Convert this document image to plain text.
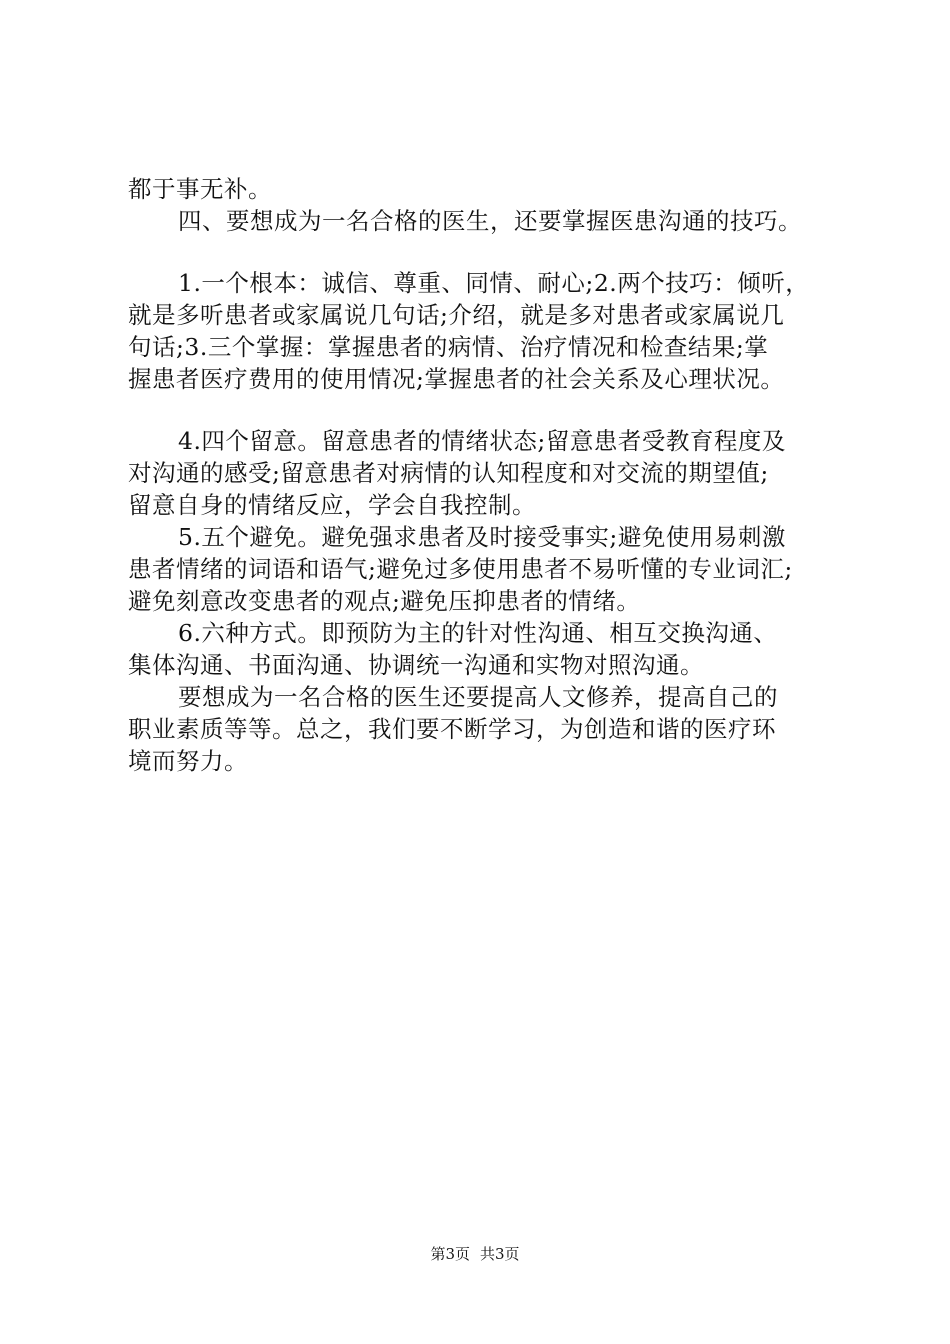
都于事无补。
四、要想成为一名合格的医生，还要掌握医患沟通的技巧。
1.一个根本：诚信、尊重、同情、耐心;2.两个技巧：倾听，
就是多听患者或家属说几句话;介绍，就是多对患者或家属说几
句话;3.三个掌握：掌握患者的病情、治疗情况和检查结果;掌
握患者医疗费用的使用情况;掌握患者的社会关系及心理状况。
4.四个留意。留意患者的情绪状态;留意患者受教育程度及
对沟通的感受;留意患者对病情的认知程度和对交流的期望值;
留意自身的情绪反应，学会自我控制。
5.五个避免。避免强求患者及时接受事实;避免使用易刺激
患者情绪的词语和语气;避免过多使用患者不易听懂的专业词汇;
避免刻意改变患者的观点;避免压抑患者的情绪。
6.六种方式。即预防为主的针对性沟通、相互交换沟通、
集体沟通、书面沟通、协调统一沟通和实物对照沟通。
要想成为一名合格的医生还要提高人文修养，提高自己的
职业素质等等。总之，我们要不断学习，为创造和谐的医疗环
境而努力。
第3页 共3页
